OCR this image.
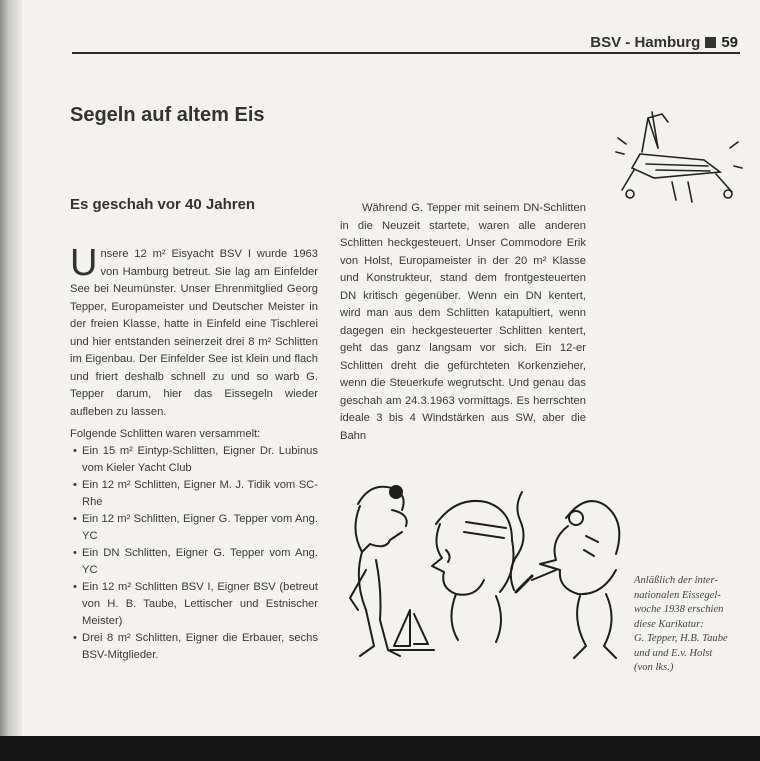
BSV - Hamburg 59
Segeln auf altem Eis
Es geschah vor 40 Jahren

Unsere 12 m² Eisyacht BSV I wurde 1963 von Hamburg betreut. Sie lag am Einfelder See bei Neumünster. Unser Ehrenmitglied Georg Tepper, Europameister und Deutscher Meister in der freien Klasse, hatte in Einfeld eine Tischlerei und hier entstanden seinerzeit drei 8 m² Schlitten im Eigenbau. Der Einfelder See ist klein und flach und friert deshalb schnell zu und so warb G. Tepper darum, hier das Eissegeln wieder aufleben zu lassen.

Folgende Schlitten waren versammelt:
• Ein 15 m² Eintyp-Schlitten, Eigner Dr. Lubinus vom Kieler Yacht Club
• Ein 12 m² Schlitten, Eigner M. J. Tidik vom SC-Rhe
• Ein 12 m² Schlitten, Eigner G. Tepper vom Ang. YC
• Ein DN Schlitten, Eigner G. Tepper vom Ang. YC
• Ein 12 m² Schlitten BSV I, Eigner BSV (betreut von H. B. Taube, Lettischer und Estnischer Meister)
• Drei 8 m² Schlitten, Eigner die Erbauer, sechs BSV-Mitglieder.

Während G. Tepper mit seinem DN-Schlitten in die Neuzeit startete, waren alle anderen Schlitten heckgesteuert. Unser Commodore Erik von Holst, Europameister in der 20 m² Klasse und Konstrukteur, stand dem frontgesteuerten DN kritisch gegenüber. Wenn ein DN kentert, wird man aus dem Schlitten katapultiert, wenn dagegen ein heckgesteuerter Schlitten kentert, geht das ganz langsam vor sich. Ein 12-er Schlitten dreht die gefürchteten Korkenzieher, wenn die Steuerkufe wegrutscht. Und genau das geschah am 24.3.1963 vormittags. Es herrschten ideale 3 bis 4 Windstärken aus SW, aber die Bahn

Anläßlich der inter-

nationalen Eissegel-

woche 1938 erschien

diese Karikatur:

G. Tepper, H.B. Taube

und und E.v. Holst

(von lks.)
